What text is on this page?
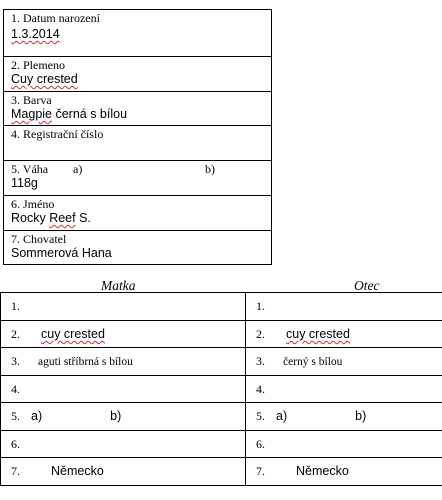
1. Datum narození
1.3.2014
2. Plemeno
Cuy crested
3. Barva
Magpie černá s bílou
4. Registrační číslo
5. Váha a)	b)
118g
6. Jméno
Rocky Reef S.
7. Chovatel
Sommerová Hana
Matka	Otec
1.	1.
2. cuy crested	2. cuy crested
3. aguti stříbrná s bílou	3. černý s bílou
4.	4.
5. a) b)	5. a) b)
6.	6.
7. Německo	7. Německo
